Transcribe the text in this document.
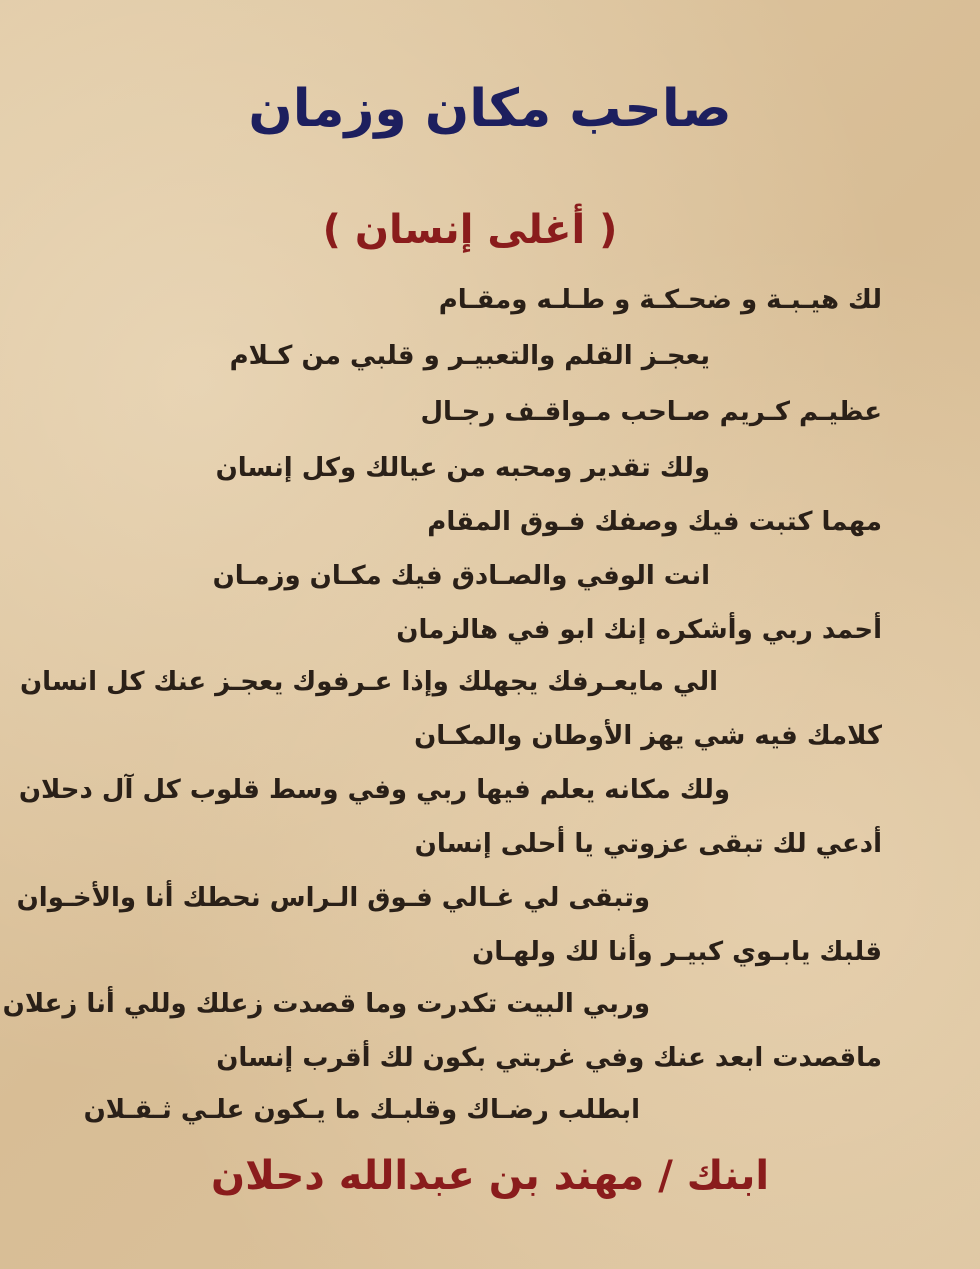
صاحب مكان وزمان
( أغلى إنسان )

لك هيـبـة و ضحـكـة و طـلـه ومقـام

يعجـز القلم والتعبيـر و قلبي من كـلام

عظيـم كـريم صـاحب مـواقـف رجـال

ولك تقدير ومحبه من عيالك وكل إنسان

مهما كتبت فيك وصفك فـوق المقام

انت الوفي والصـادق فيك مكـان وزمـان

أحمد ربي وأشكره إنك ابو في هالزمان

الي مايعـرفك يجهلك وإذا عـرفوك يعجـز عنك كل انسان

كلامك فيه شي يهز الأوطان والمكـان

ولك مكانه يعلم فيها ربي وفي وسط قلوب كل آل دحلان

أدعي لك تبقى عزوتي يا أحلى إنسان

وتبقى لي غـالي فـوق الـراس نحطك أنا والأخـوان

قلبك يابـوي كبيـر وأنا لك ولهـان

وربي البيت تكدرت وما قصدت زعلك وللي أنا زعلان

ماقصدت ابعد عنك وفي غربتي بكون لك أقرب إنسان

ابطلب رضـاك وقلبـك ما يـكون علـي ثـقـلان

ابنك / مهند بن عبدالله دحلان
